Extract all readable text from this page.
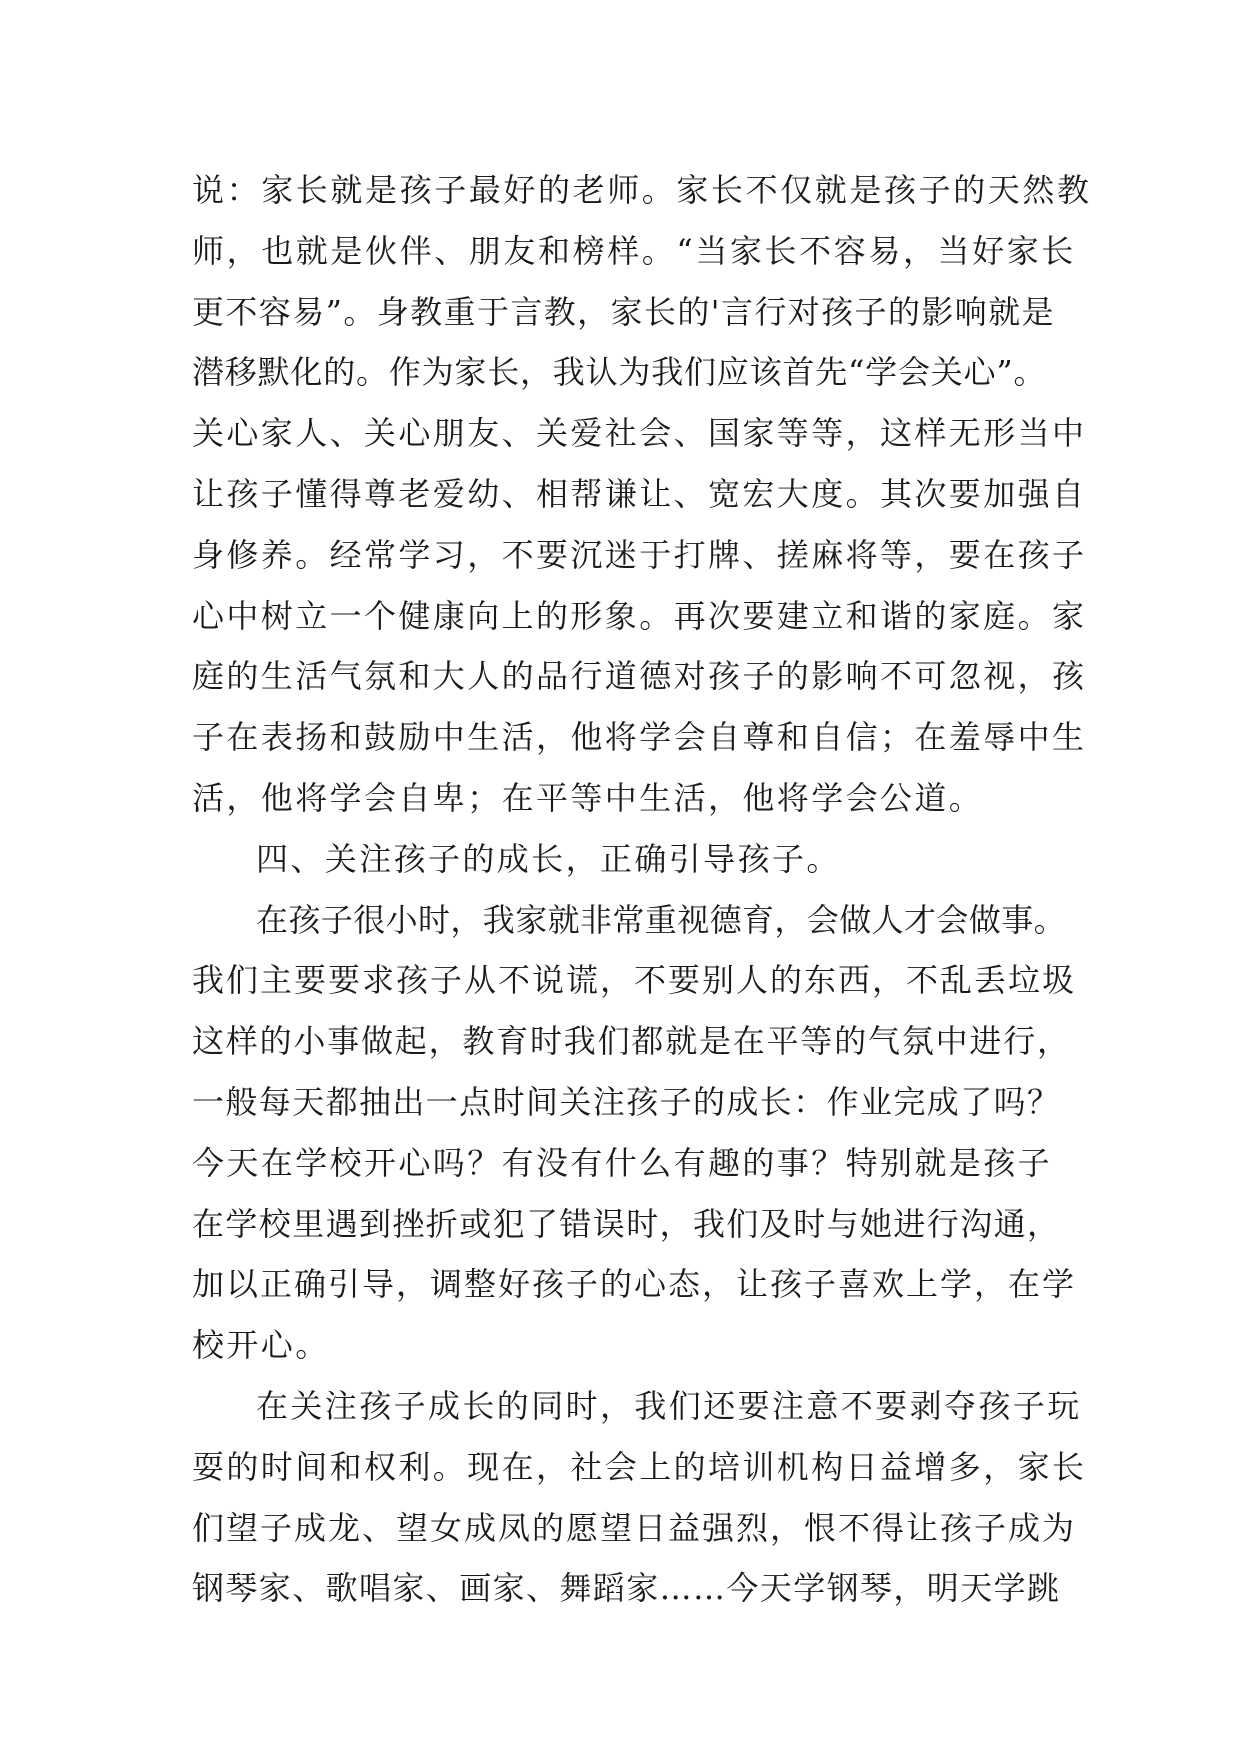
说：家长就是孩子最好的老师。家长不仅就是孩子的天然教

师，也就是伙伴、朋友和榜样。“当家长不容易，当好家长

更不容易”。身教重于言教，家长的'言行对孩子的影响就是

潜移默化的。作为家长，我认为我们应该首先“学会关心”。

关心家人、关心朋友、关爱社会、国家等等，这样无形当中

让孩子懂得尊老爱幼、相帮谦让、宽宏大度。其次要加强自

身修养。经常学习，不要沉迷于打牌、搓麻将等，要在孩子

心中树立一个健康向上的形象。再次要建立和谐的家庭。家

庭的生活气氛和大人的品行道德对孩子的影响不可忽视，孩

子在表扬和鼓励中生活，他将学会自尊和自信；在羞辱中生

活，他将学会自卑；在平等中生活，他将学会公道。

四、关注孩子的成长，正确引导孩子。

在孩子很小时，我家就非常重视德育，会做人才会做事。

我们主要要求孩子从不说谎，不要别人的东西，不乱丢垃圾

这样的小事做起，教育时我们都就是在平等的气氛中进行，

一般每天都抽出一点时间关注孩子的成长：作业完成了吗？

今天在学校开心吗？有没有什么有趣的事？特别就是孩子

在学校里遇到挫折或犯了错误时，我们及时与她进行沟通，

加以正确引导，调整好孩子的心态，让孩子喜欢上学，在学

校开心。

在关注孩子成长的同时，我们还要注意不要剥夺孩子玩

耍的时间和权利。现在，社会上的培训机构日益增多，家长

们望子成龙、望女成凤的愿望日益强烈，恨不得让孩子成为

钢琴家、歌唱家、画家、舞蹈家……今天学钢琴，明天学跳
